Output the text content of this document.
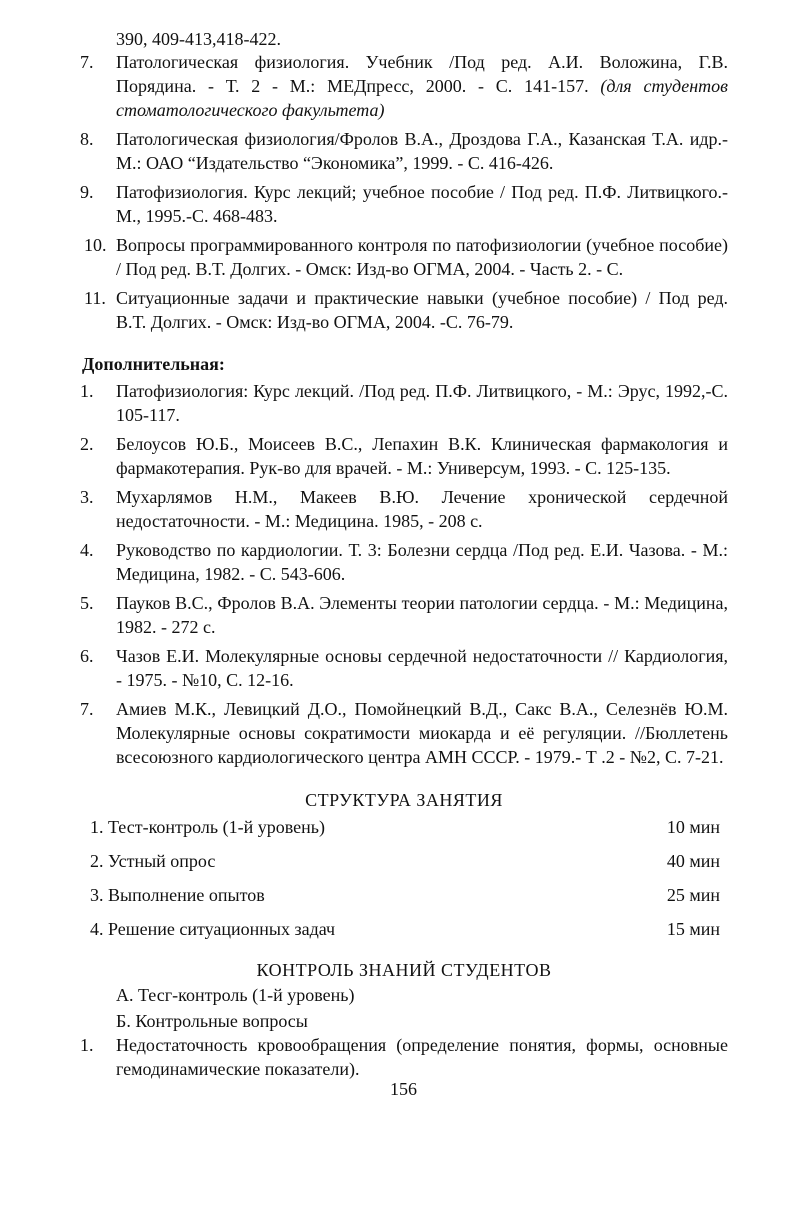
390, 409-413,418-422.

7.	Патологическая физиология. Учебник /Под ред. А.И. Воложина, Г.В. Порядина. - Т. 2 - М.: МЕДпресс, 2000. - С. 141-157. (для студентов стоматологического факультета)
8.	Патологическая физиология/Фролов В.А., Дроздова Г.А., Казанская Т.А. идр.-М.: ОАО “Издательство “Экономика”, 1999. - С. 416-426.
9.	Патофизиология. Курс лекций; учебное пособие / Под ред. П.Ф. Литвицкого.-М., 1995.-С. 468-483.
10. Вопросы программированного контроля по патофизиологии (учебное пособие) / Под ред. В.Т. Долгих. - Омск: Изд-во ОГМА, 2004. - Часть 2. - С.
11. Ситуационные задачи и практические навыки (учебное пособие) / Под ред. В.Т. Долгих. - Омск: Изд-во ОГМА, 2004. -С. 76-79.

Дополнительная:

1.	Патофизиология: Курс лекций. /Под ред. П.Ф. Литвицкого, - М.: Эрус, 1992,-С. 105-117.
2.	Белоусов Ю.Б., Моисеев В.С., Лепахин В.К. Клиническая фармакология и фармакотерапия. Рук-во для врачей. - М.: Универсум, 1993. - С. 125-135.
3.	Мухарлямов Н.М., Макеев В.Ю. Лечение хронической сердечной недостаточности. - М.: Медицина. 1985, - 208 с.
4.	Руководство по кардиологии. Т. 3: Болезни сердца /Под ред. Е.И. Чазова. - М.: Медицина, 1982. - С. 543-606.
5.	Пауков В.С., Фролов В.А. Элементы теории патологии сердца. - М.: Медицина, 1982. - 272 с.
6.	Чазов Е.И. Молекулярные основы сердечной недостаточности // Кардиология, - 1975. - №10, С. 12-16.
7.	Амиев М.К., Левицкий Д.О., Помойнецкий В.Д., Сакс В.А., Селезнёв Ю.М. Молекулярные основы сократимости миокарда и её регуляции. //Бюллетень всесоюзного кардиологического центра АМН СССР. - 1979.- Т .2 - №2, С. 7-21.

СТРУКТУРА ЗАНЯТИЯ

1. Тест-контроль (1-й уровень)	10 мин
2. Устный опрос	40 мин
3. Выполнение опытов	25 мин
4. Решение ситуационных задач	15 мин

КОНТРОЛЬ ЗНАНИЙ СТУДЕНТОВ

А. Тесг-контроль (1-й уровень)

Б. Контрольные вопросы

1.	Недостаточность кровообращения (определение понятия, формы, основные гемодинамические показатели).

156
